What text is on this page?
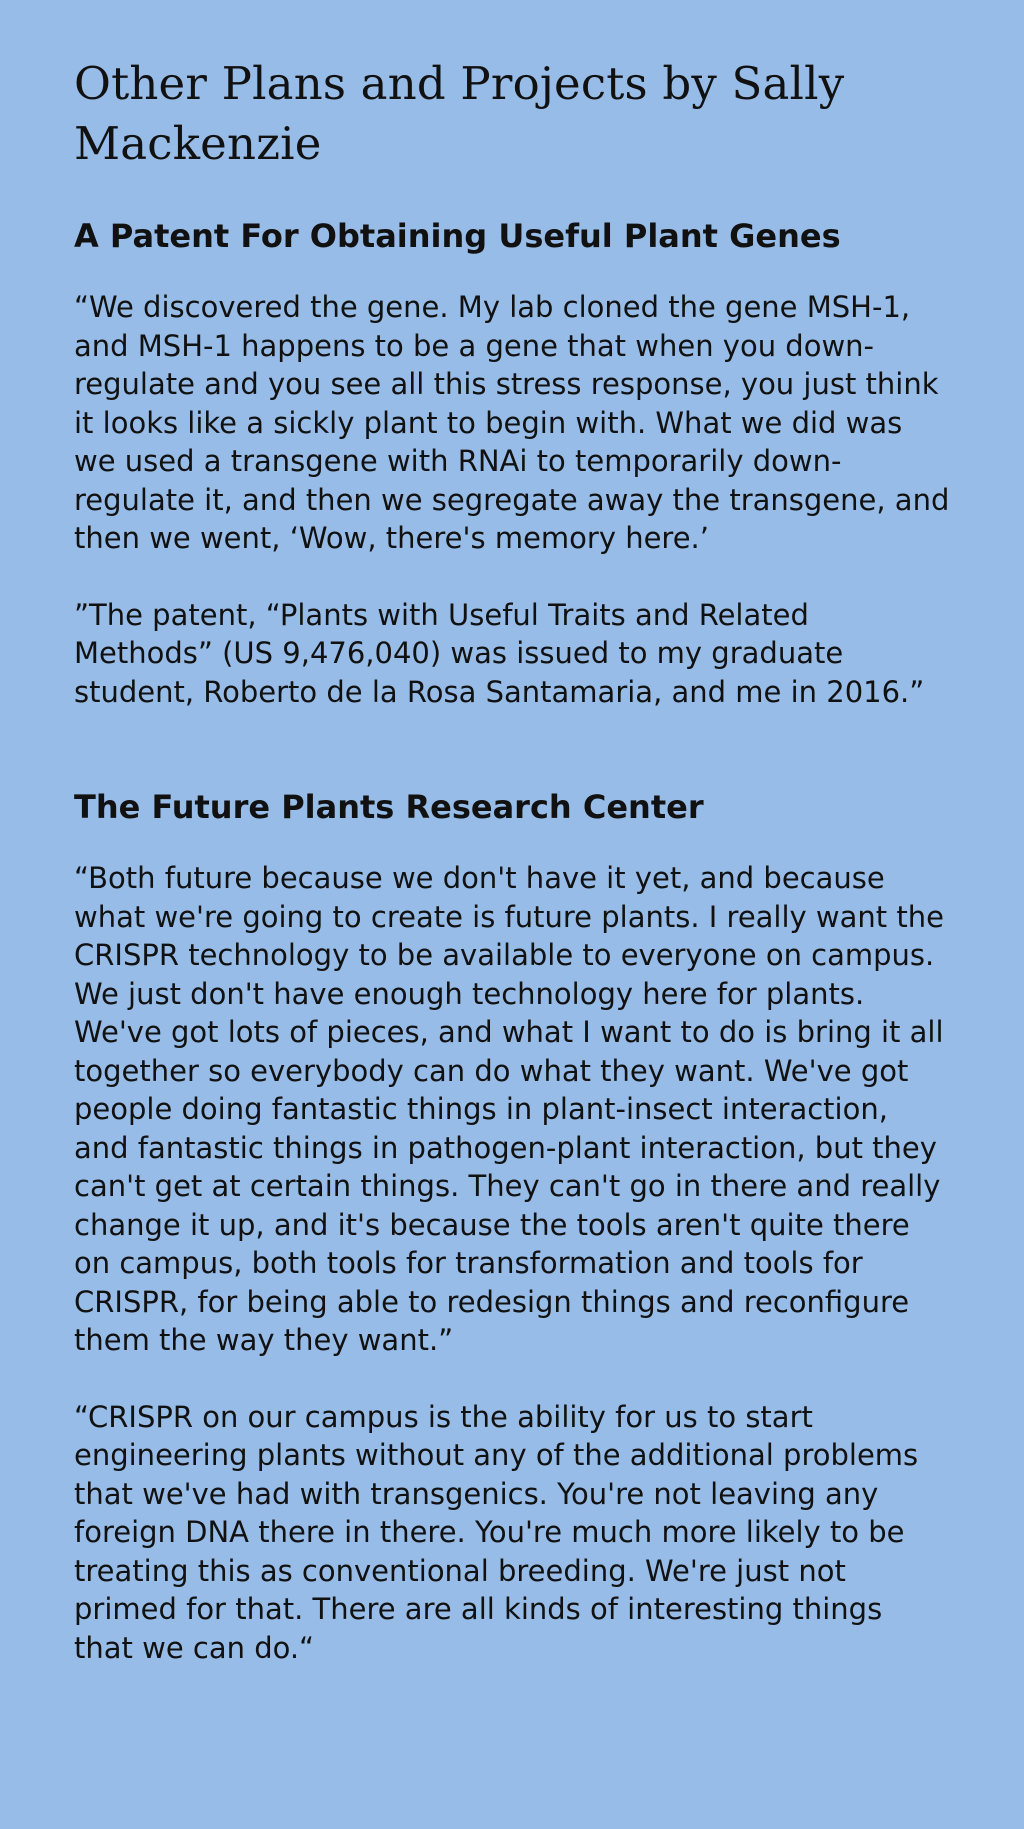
Other Plans and Projects by Sally Mackenzie
A Patent For Obtaining Useful Plant Genes

“We discovered the gene. My lab cloned the gene MSH-1, and MSH-1 happens to be a gene that when you down-regulate and you see all this stress response, you just think it looks like a sickly plant to begin with. What we did was we used a transgene with RNAi to temporarily down-regulate it, and then we segregate away the transgene, and then we went, ‘Wow, there's memory here.’

”The patent, “Plants with Useful Traits and Related Methods” (US 9,476,040) was issued to my graduate student, Roberto de la Rosa Santamaria, and me in 2016.”

The Future Plants Research Center

“Both future because we don't have it yet, and because what we're going to create is future plants. I really want the CRISPR technology to be available to everyone on campus. We just don't have enough technology here for plants. We've got lots of pieces, and what I want to do is bring it all together so everybody can do what they want. We've got people doing fantastic things in plant-insect interaction, and fantastic things in pathogen-plant interaction, but they can't get at certain things. They can't go in there and really change it up, and it's because the tools aren't quite there on campus, both tools for transformation and tools for CRISPR, for being able to redesign things and reconfigure them the way they want.”

“CRISPR on our campus is the ability for us to start engineering plants without any of the additional problems that we've had with transgenics. You're not leaving any foreign DNA there in there. You're much more likely to be treating this as conventional breeding. We're just not primed for that. There are all kinds of interesting things that we can do.“
